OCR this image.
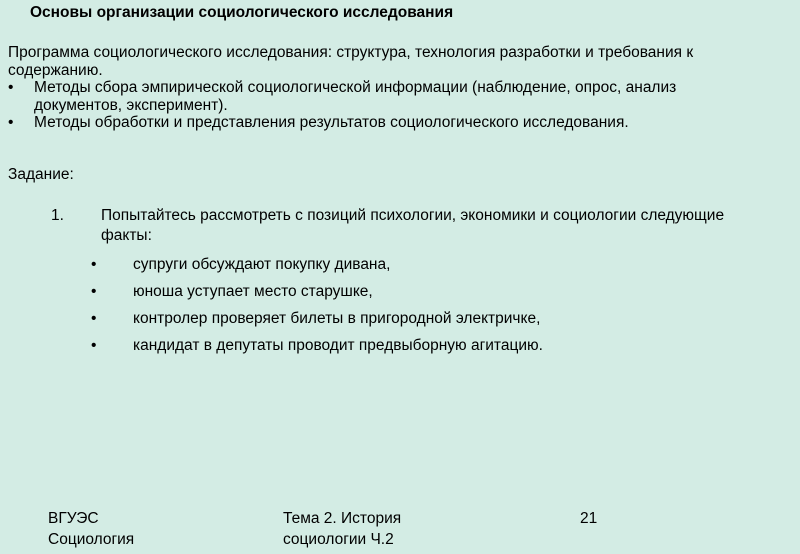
Основы организации социологического исследования

Программа социологического исследования: структура, технология разработки и требования к содержанию.

• Методы сбора эмпирической социологической информации (наблюдение, опрос, анализ документов, эксперимент).
• Методы обработки и представления результатов социологического исследования.
Задание:
1. Попытайтесь рассмотреть с позиций психологии, экономики и социологии следующие факты:
• супруги обсуждают покупку дивана,
• юноша уступает место старушке,
• контролер проверяет билеты в пригородной электричке,
• кандидат в депутаты проводит предвыборную агитацию.
ВГУЭС
Социология
Тема 2. История
социологии Ч.2
21
